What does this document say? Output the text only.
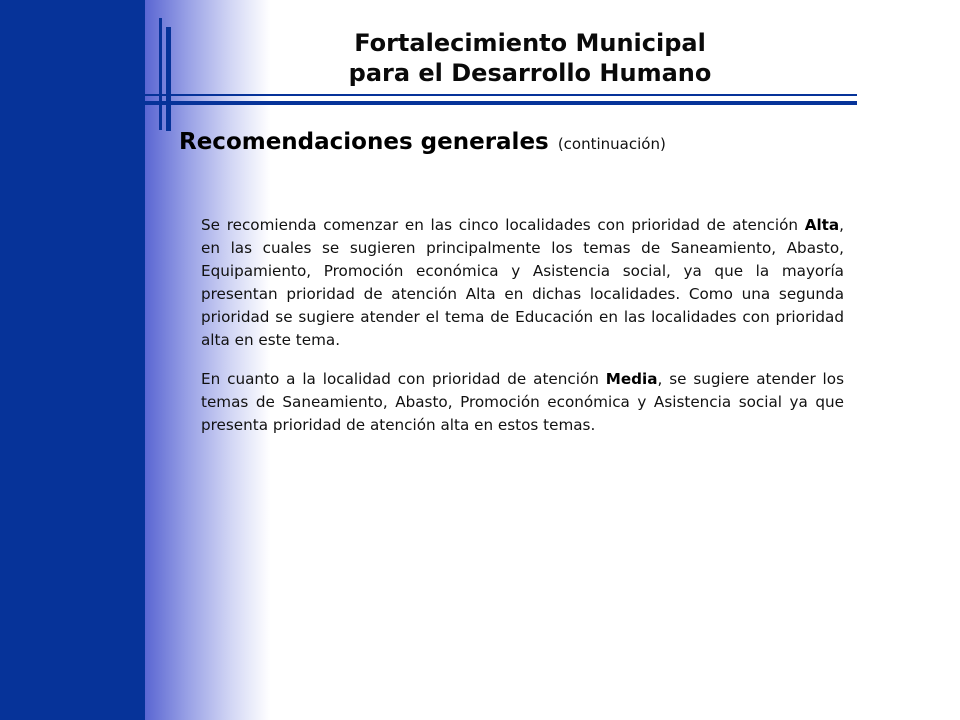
Fortalecimiento Municipal
para el Desarrollo Humano
Recomendaciones generales (continuación)

Se recomienda comenzar en las cinco localidades con prioridad de atención Alta, en las cuales se sugieren principalmente los temas de Saneamiento, Abasto, Equipamiento, Promoción económica y Asistencia social, ya que la mayoría presentan prioridad de atención Alta en dichas localidades. Como una segunda prioridad se sugiere atender el tema de Educación en las localidades con prioridad alta en este tema.

En cuanto a la localidad con prioridad de atención Media, se sugiere atender los temas de Saneamiento, Abasto, Promoción económica y Asistencia social ya que presenta prioridad de atención alta en estos temas.
